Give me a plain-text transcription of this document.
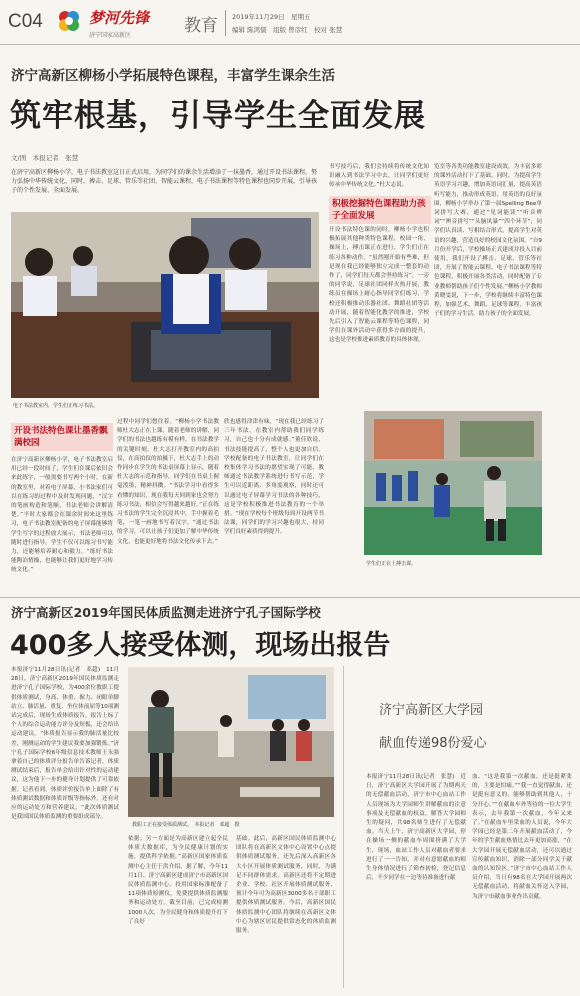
C04	梦河先锋
济宁国家高新区	教育 2019年11月29日　星期五
编辑 陈鸿儒　组版 曾彦红　校对 张慧
济宁高新区柳杨小学拓展特色课程，丰富学生课余生活
筑牢根基，引导学生全面发展
文/图　本报记者　张慧
在济宁高新区柳杨小学，电子书法教室这日正式启用，为同学们的课余生活增添了一抹墨香，通过开设书法课程，努力弘扬中华传统文化，同时，搏击、足球、管乐等社团、智能云课程，电子书法课程等特色课程也同步开展，引导孩子的个性发展、全面发展。
电子书法教室内，学生们正练习书法。
开设书法特色课让墨香飘满校园
在济宁高新区柳杨小学，电子书法教室启用已经一段时间了，学生们在课后依旧会来此练字，一般需要书写两个小时，在新的教室里，对着电子屏幕，小书法家们可以在练习的过程中及时发现问题，“汉字的笔画构造和笔顺，书法老师会讲解清楚。”平时大家都会在课余时间来这里练习，电子书法教室配备的电子屏幕能够将学生写字的过程放大展示，书法老师可以随时进行指导，学生不仅可以练习书写能力，还能够培养耐心和毅力，“练好书法能陶冶情操，也能够让我们更好地学习传统文化。”
过程中同学们想住着。“柳杨小学书法教师杜大志正在上课，随着老师的讲解，同学们的书法也越练有模有样，在书法教学的关键时刻，杜大志打开教室内的高拍仪，在高拍仪的拍摄下，杜大志手上的动作同步在学生的书法桌屏幕上显示，随着杜大志的示范和指导，同学们在书桌上握毫泼墨，精神抖擞。“书法学习中看得多看懂的知识，现在我每天回到家也会努力练习书法，相信会写得越来越好。”正在练习书法的学生完全沉浸其中，手中握着毛笔，一笔一画地书写着汉字，“通过书法的学习，可以让孩子们更加了解中华传统文化，也能更好地将书法文化传承下去。”
欣也感得津津有味，“现在我已经练习了三年书法，在教室内帮助我们同学练习，自己也十分有成就感。”董佳欣说，书法技能提高了，整个人也更加自信。学校配备的电子书法教室，让同学们在校集体学习书法的愿望实现了可能，教师通过书法教学系统进行书写示范，学生可以近距离、多角度观察，同时还可以通过电子屏幕学习书法的各种技巧，这是学校积极推进书法教育的一个举措。“现在学校每个班级每周开设两节书法课，同学们的学习兴趣也很大，持同学们良好素质得到提升。
书写技巧后，我们会持续将传统文化知识融入到书法学习中去，让同学们更好传承中华传统文化。”杜大志说。
积极挖掘特色课程助力孩子全面发展
开设书法特色课的同时，柳杨小学也积极拓展其他种类特色课程，校园一角，操场上，搏击课正在进行，学生们正在练习各种动作，“虽然刚开始有些难，但是现在我已经能够独立完成一整套的动作了，同学们每天都会坚持练习”，一旁的同学说，足球社团同样火热开展，教练员在操场上耐心指导同学们练习，学校还积极推动乐器社团、舞蹈社团等活动开展，随着智能化教学的推进，学校先后引入了智能云课程等特色课程，同学们在课外活动中获得多方面的提升，这也是学校推进素质教育的具体体现。
览室等各类功能教室建设成效，为丰富多彩的课外活动打下了基础。同时，为提高学生英语学习兴趣，增加英语词汇量，提高英语听写能力，推动形成英语，用英语的良好氛围，柳杨小学举办了第一届Spelling Bee单词拼写大赛，通过“见词能读”“听音辨词”“辨音拼写”“头脑风暴”“四个环节”，同学们认真读、写相结合形式，提高学生对英语的兴趣，营造良好的校园文化氛围。“自9月份开学后，学校操场正式建成并投入目前使用，我们开设了搏击、足球、管乐等社团，开展了智能云课程、电子书法课程等特色课程，积极开展各类活动，同时配备了专业教师帮助孩子们个性发展。”柳杨小学教师黄晓雯说，下一步，学校将继续丰富特色课程，加强艺术、舞蹈、足球等课程，丰富孩子们的学习生活，助力孩子的全面发展。
学生们正在上搏击课。
济宁高新区2019年国民体质监测走进济宁孔子国际学校
400多人接受体测，现场出报告
本报济宁11月28日讯(记者　邓超)　11月28日，济宁高新区2019年国民体质监测走进济宁孔子国际学校，为400余位教职工提供体质测试，身高、体重、握力、闭眼单脚站立、肺活量、重复、坐位体前屈等10项测试完成后，现场生成体质报告，报告上标了个人的综合运动能力评分及短板，还会给出运动建议。“体质报告显示我的肺活量比较差，刚测运动的学生建议我要加强锻炼。”济宁孔子国际学校6年级信息技术教师王永强拿着自己的体质评分报告单告诉记者，体质测试结束后，报告单会给出针对性的运动建议，这为他下一步的健身计划提供了可靠依据。记者看到，体质评价报告单上面除了有体质测试数据和体质评级等指标外，还有对应的运动处方和营养建议。“此次体质测试是我国国民体质监测的重要组成部分。
教职工正在接受体质测试。　本报记者　邓超　摄
依据；另一方面是为高新区建立起全民体质大数据库，为全民健康计划的实施，提供科学依据，”高新区国家体质监测中心主任于洪介绍。据了解，今年11月1日，济宁高新区建成济宁市高新区国民体质监测中心，投用国家标准配备了11项体质检测仪，免费提供体质监测服务和运动处方。截至目前，已完成检测1000人次，为全民健身和体质提升打下了良好
基础。此后，高新区国民体质监测中心团队将在高新区文体中心设置中心点提供体质测试服务，还先后深入高新区各大小区开展体质测试服务，同时，为满足不同群体需求，高新区还将不定期进企业、学校、社区开展体质测试服务，预计今年可为高新区3000多名干部职工提供体质测试服务。今后，高新区国民体质监测中心团队将继续在高新区文体中心为辖区居民提供常态化的体质监测服务。
济宁高新区大学园
献血传递98份爱心
本报济宁11月28日讯(记者　张慧)　近日，济宁高新区大学园开展了为期两天的无偿献血活动，济宁市中心血站工作人员现场为大学园师生讲解献血的注意事项及无偿献血的权益，解答大学园师生的疑问，共98名师生进行了无偿献血。当天上午，济宁高新区大学园，停在操场一侧的献血车周围挤满了大学生，现场，血站工作人员对献血者要求进行了一一告知，并对有意愿献血的师生身体情况进行了筛查初检，登记信息后，不少同学在一边等待准备进行献
血。“这是我第一次献血，还是挺紧张的，主要是怕痛。”“我一直觉得献血，还是挺有意义的，能够帮助到其他人，十分开心。”“在献血车外等待的一位大学生表示，去年我第一次献血，今年又来了。”在献血车里采血的人员说，今年大学园已经是第二年开展献血活动了，今年的学生献血热情比去年更加高涨，“在大学园开展无偿献血活动，还可以通过宣传献血知识，消除一部分同学关于献血的认知误区。”济宁市中心血站工作人员介绍，当日有98名在大学园开展两次无偿献血活动，将献血关怀送入学园，为济宁市献血事业作出贡献。
